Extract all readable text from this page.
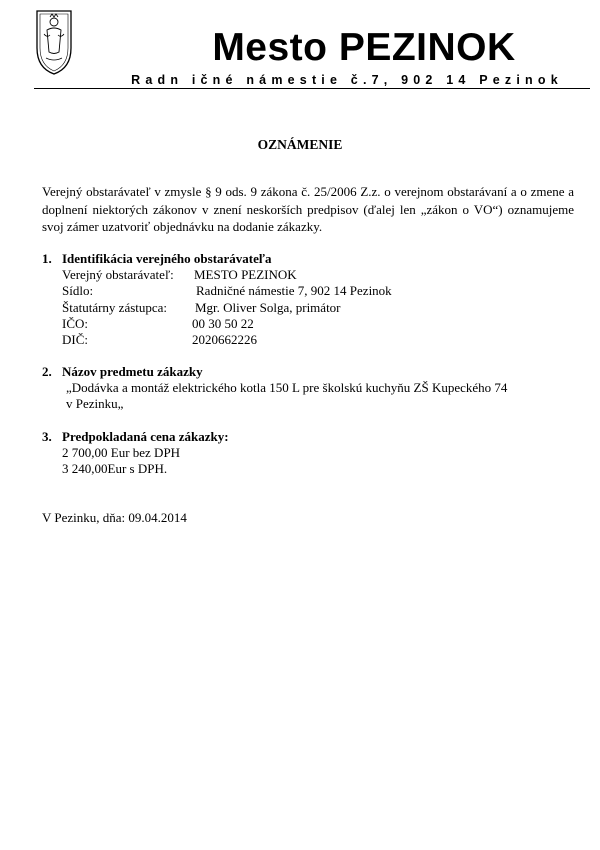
Mesto PEZINOK
Radn ičné námestie č.7, 902 14 Pezinok
OZNÁMENIE
Verejný obstarávateľ v zmysle § 9 ods. 9 zákona č. 25/2006 Z.z. o verejnom obstarávaní a o zmene a doplnení niektorých zákonov v znení neskorších predpisov (ďalej len „zákon o VO“) oznamujeme svoj zámer uzatvoriť objednávku na dodanie zákazky.
1. Identifikácia verejného obstarávateľa
Verejný obstarávateľ: MESTO PEZINOK
Sídlo:	Radničné námestie 7, 902 14 Pezinok
Štatutárny zástupca: Mgr. Oliver Solga, primátor
IČO:	00 30 50 22
DIČ:	2020662226
2. Názov predmetu zákazky
„Dodávka a montáž elektrického kotla 150 L pre školskú kuchyňu ZŠ Kupeckého 74
v Pezinku„
3. Predpokladaná cena zákazky:
2 700,00 Eur bez DPH
3 240,00Eur s DPH.
V Pezinku, dňa: 09.04.2014
